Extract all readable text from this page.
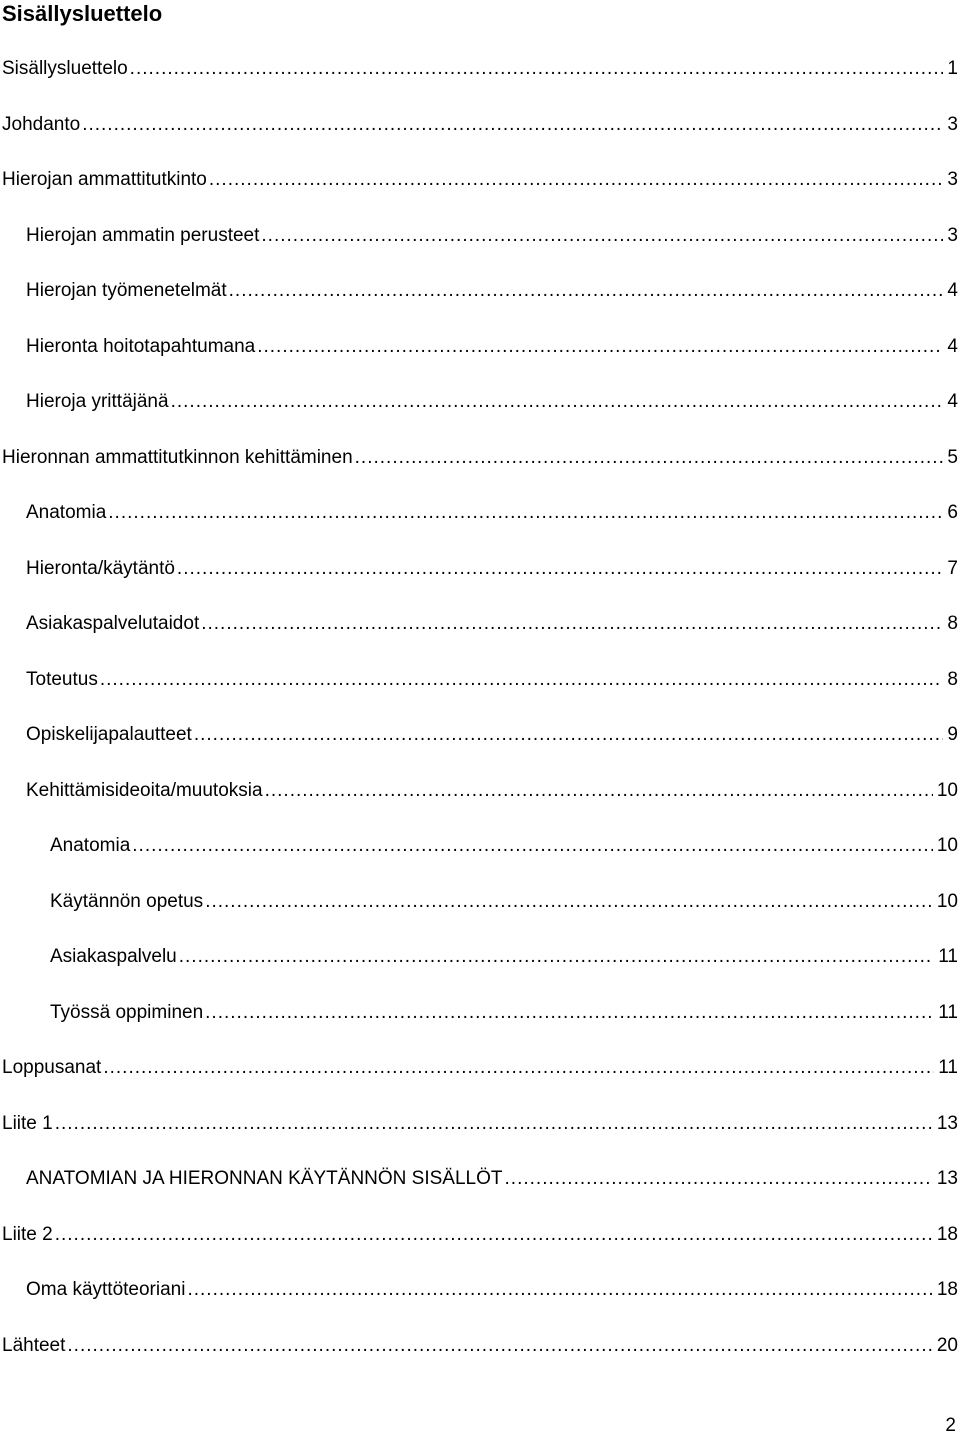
Sisällysluettelo
Sisällysluettelo .....	1
Johdanto .....	3
Hierojan ammattitutkinto .....	3
Hierojan ammatin perusteet .....	3
Hierojan työmenetelmät .....	4
Hieronta hoitotapahtumana .....	4
Hieroja yrittäjänä .....	4
Hieronnan ammattitutkinnon kehittäminen .....	5
Anatomia .....	6
Hieronta/käytäntö .....	7
Asiakaspalvelutaidot .....	8
Toteutus .....	8
Opiskelijapalautteet .....	9
Kehittämisideoita/muutoksia .....	10
Anatomia .....	10
Käytännön opetus .....	10
Asiakaspalvelu .....	11
Työssä oppiminen .....	11
Loppusanat .....	11
Liite 1 .....	13
ANATOMIAN JA HIERONNAN KÄYTÄNNÖN SISÄLLÖT .....	13
Liite 2 .....	18
Oma käyttöteoriani .....	18
Lähteet .....	20
2
